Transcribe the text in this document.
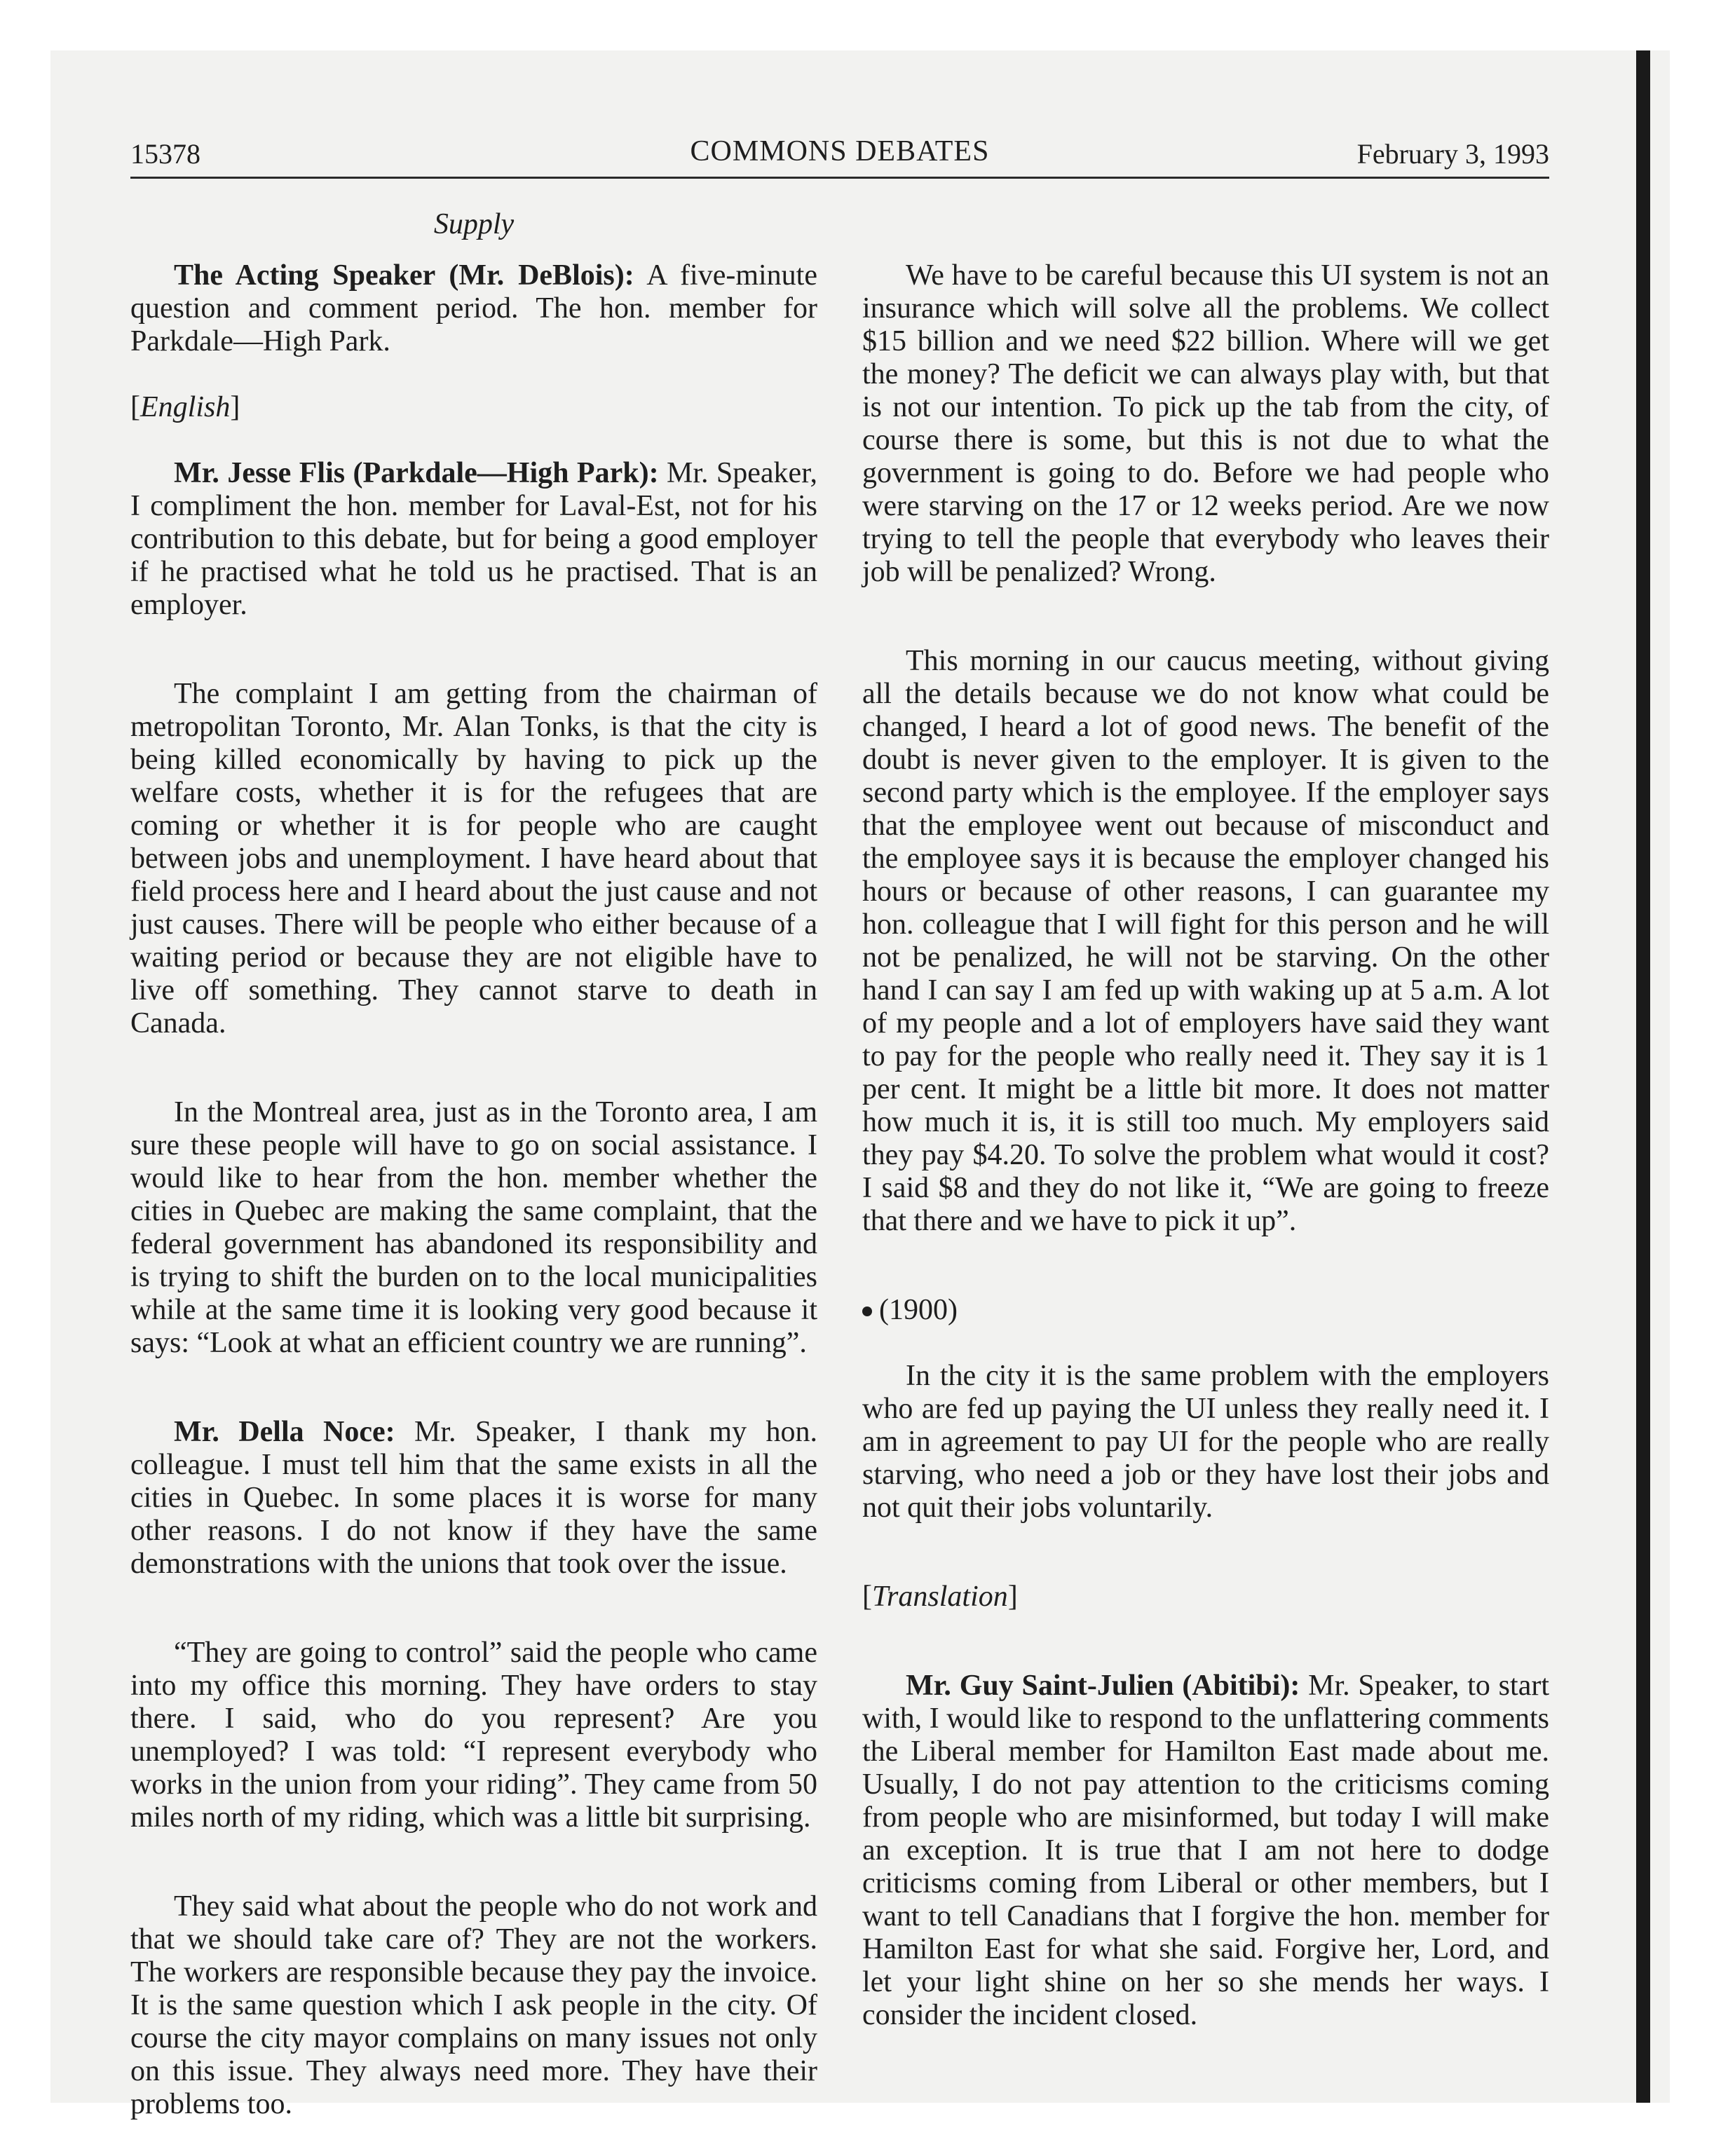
15378	COMMONS DEBATES	February 3, 1993
Supply

The Acting Speaker (Mr. DeBlois): A five-minute question and comment period. The hon. member for Parkdale—High Park.

[English]

Mr. Jesse Flis (Parkdale—High Park): Mr. Speaker, I compliment the hon. member for Laval-Est, not for his contribution to this debate, but for being a good employer if he practised what he told us he practised. That is an employer.

The complaint I am getting from the chairman of metropolitan Toronto, Mr. Alan Tonks, is that the city is being killed economically by having to pick up the welfare costs, whether it is for the refugees that are coming or whether it is for people who are caught between jobs and unemployment. I have heard about that field process here and I heard about the just cause and not just causes. There will be people who either because of a waiting period or because they are not eligible have to live off something. They cannot starve to death in Canada.

In the Montreal area, just as in the Toronto area, I am sure these people will have to go on social assistance. I would like to hear from the hon. member whether the cities in Quebec are making the same complaint, that the federal government has abandoned its responsibility and is trying to shift the burden on to the local municipalities while at the same time it is looking very good because it says: “Look at what an efficient country we are running”.

Mr. Della Noce: Mr. Speaker, I thank my hon. colleague. I must tell him that the same exists in all the cities in Quebec. In some places it is worse for many other reasons. I do not know if they have the same demonstrations with the unions that took over the issue.

“They are going to control” said the people who came into my office this morning. They have orders to stay there. I said, who do you represent? Are you unemployed? I was told: “I represent everybody who works in the union from your riding”. They came from 50 miles north of my riding, which was a little bit surprising.

They said what about the people who do not work and that we should take care of? They are not the workers. The workers are responsible because they pay the invoice. It is the same question which I ask people in the city. Of course the city mayor complains on many issues not only on this issue. They always need more. They have their problems too.

We have to be careful because this UI system is not an insurance which will solve all the problems. We collect $15 billion and we need $22 billion. Where will we get the money? The deficit we can always play with, but that is not our intention. To pick up the tab from the city, of course there is some, but this is not due to what the government is going to do. Before we had people who were starving on the 17 or 12 weeks period. Are we now trying to tell the people that everybody who leaves their job will be penalized? Wrong.

This morning in our caucus meeting, without giving all the details because we do not know what could be changed, I heard a lot of good news. The benefit of the doubt is never given to the employer. It is given to the second party which is the employee. If the employer says that the employee went out because of misconduct and the employee says it is because the employer changed his hours or because of other reasons, I can guarantee my hon. colleague that I will fight for this person and he will not be penalized, he will not be starving. On the other hand I can say I am fed up with waking up at 5 a.m. A lot of my people and a lot of employers have said they want to pay for the people who really need it. They say it is 1 per cent. It might be a little bit more. It does not matter how much it is, it is still too much. My employers said they pay $4.20. To solve the problem what would it cost? I said $8 and they do not like it, “We are going to freeze that there and we have to pick it up”.

(1900)

In the city it is the same problem with the employers who are fed up paying the UI unless they really need it. I am in agreement to pay UI for the people who are really starving, who need a job or they have lost their jobs and not quit their jobs voluntarily.

[Translation]

Mr. Guy Saint-Julien (Abitibi): Mr. Speaker, to start with, I would like to respond to the unflattering comments the Liberal member for Hamilton East made about me. Usually, I do not pay attention to the criticisms coming from people who are misinformed, but today I will make an exception. It is true that I am not here to dodge criticisms coming from Liberal or other members, but I want to tell Canadians that I forgive the hon. member for Hamilton East for what she said. Forgive her, Lord, and let your light shine on her so she mends her ways. I consider the incident closed.
